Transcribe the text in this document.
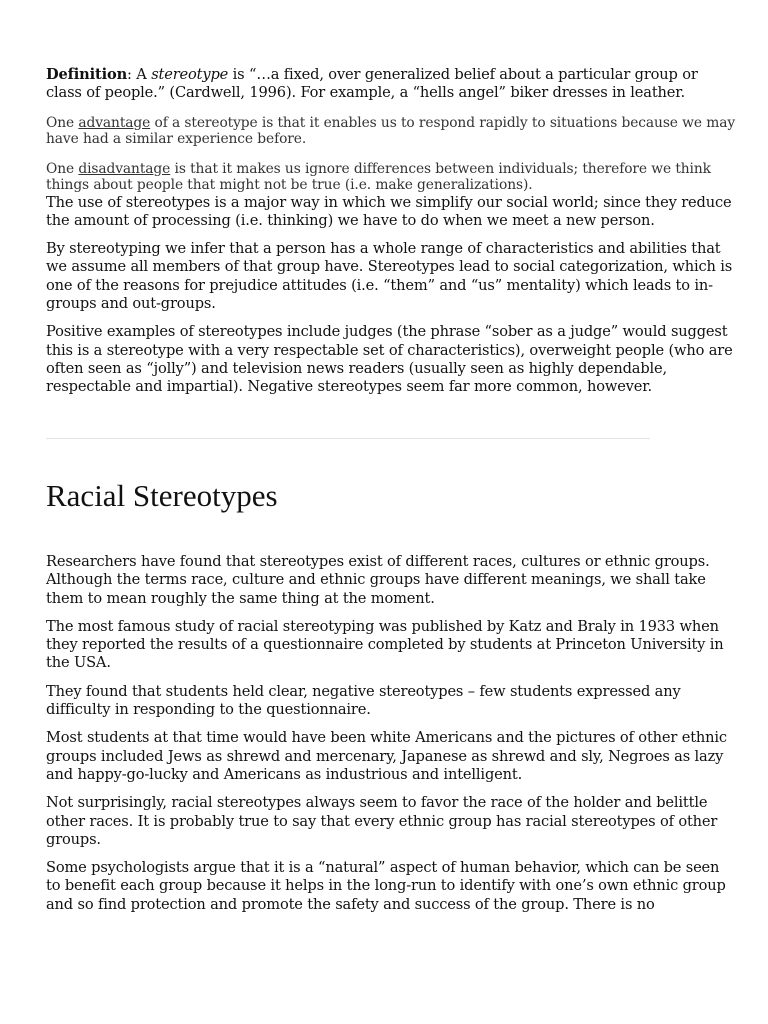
Definition: A stereotype is “…a fixed, over generalized belief about a particular group or class of people.” (Cardwell, 1996). For example, a “hells angel” biker dresses in leather.

One advantage of a stereotype is that it enables us to respond rapidly to situations because we may have had a similar experience before.

One disadvantage is that it makes us ignore differences between individuals; therefore we think things about people that might not be true (i.e. make generalizations).

The use of stereotypes is a major way in which we simplify our social world; since they reduce the amount of processing (i.e. thinking) we have to do when we meet a new person.

By stereotyping we infer that a person has a whole range of characteristics and abilities that we assume all members of that group have. Stereotypes lead to social categorization, which is one of the reasons for prejudice attitudes (i.e. “them” and “us” mentality) which leads to in-groups and out-groups.

Positive examples of stereotypes include judges (the phrase “sober as a judge” would suggest this is a stereotype with a very respectable set of characteristics), overweight people (who are often seen as “jolly”) and television news readers (usually seen as highly dependable, respectable and impartial). Negative stereotypes seem far more common, however.

Racial Stereotypes

Researchers have found that stereotypes exist of different races, cultures or ethnic groups. Although the terms race, culture and ethnic groups have different meanings, we shall take them to mean roughly the same thing at the moment.

The most famous study of racial stereotyping was published by Katz and Braly in 1933 when they reported the results of a questionnaire completed by students at Princeton University in the USA.

They found that students held clear, negative stereotypes – few students expressed any difficulty in responding to the questionnaire.

Most students at that time would have been white Americans and the pictures of other ethnic groups included Jews as shrewd and mercenary, Japanese as shrewd and sly, Negroes as lazy and happy-go-lucky and Americans as industrious and intelligent.

Not surprisingly, racial stereotypes always seem to favor the race of the holder and belittle other races. It is probably true to say that every ethnic group has racial stereotypes of other groups.

Some psychologists argue that it is a “natural” aspect of human behavior, which can be seen to benefit each group because it helps in the long-run to identify with one’s own ethnic group and so find protection and promote the safety and success of the group. There is no
